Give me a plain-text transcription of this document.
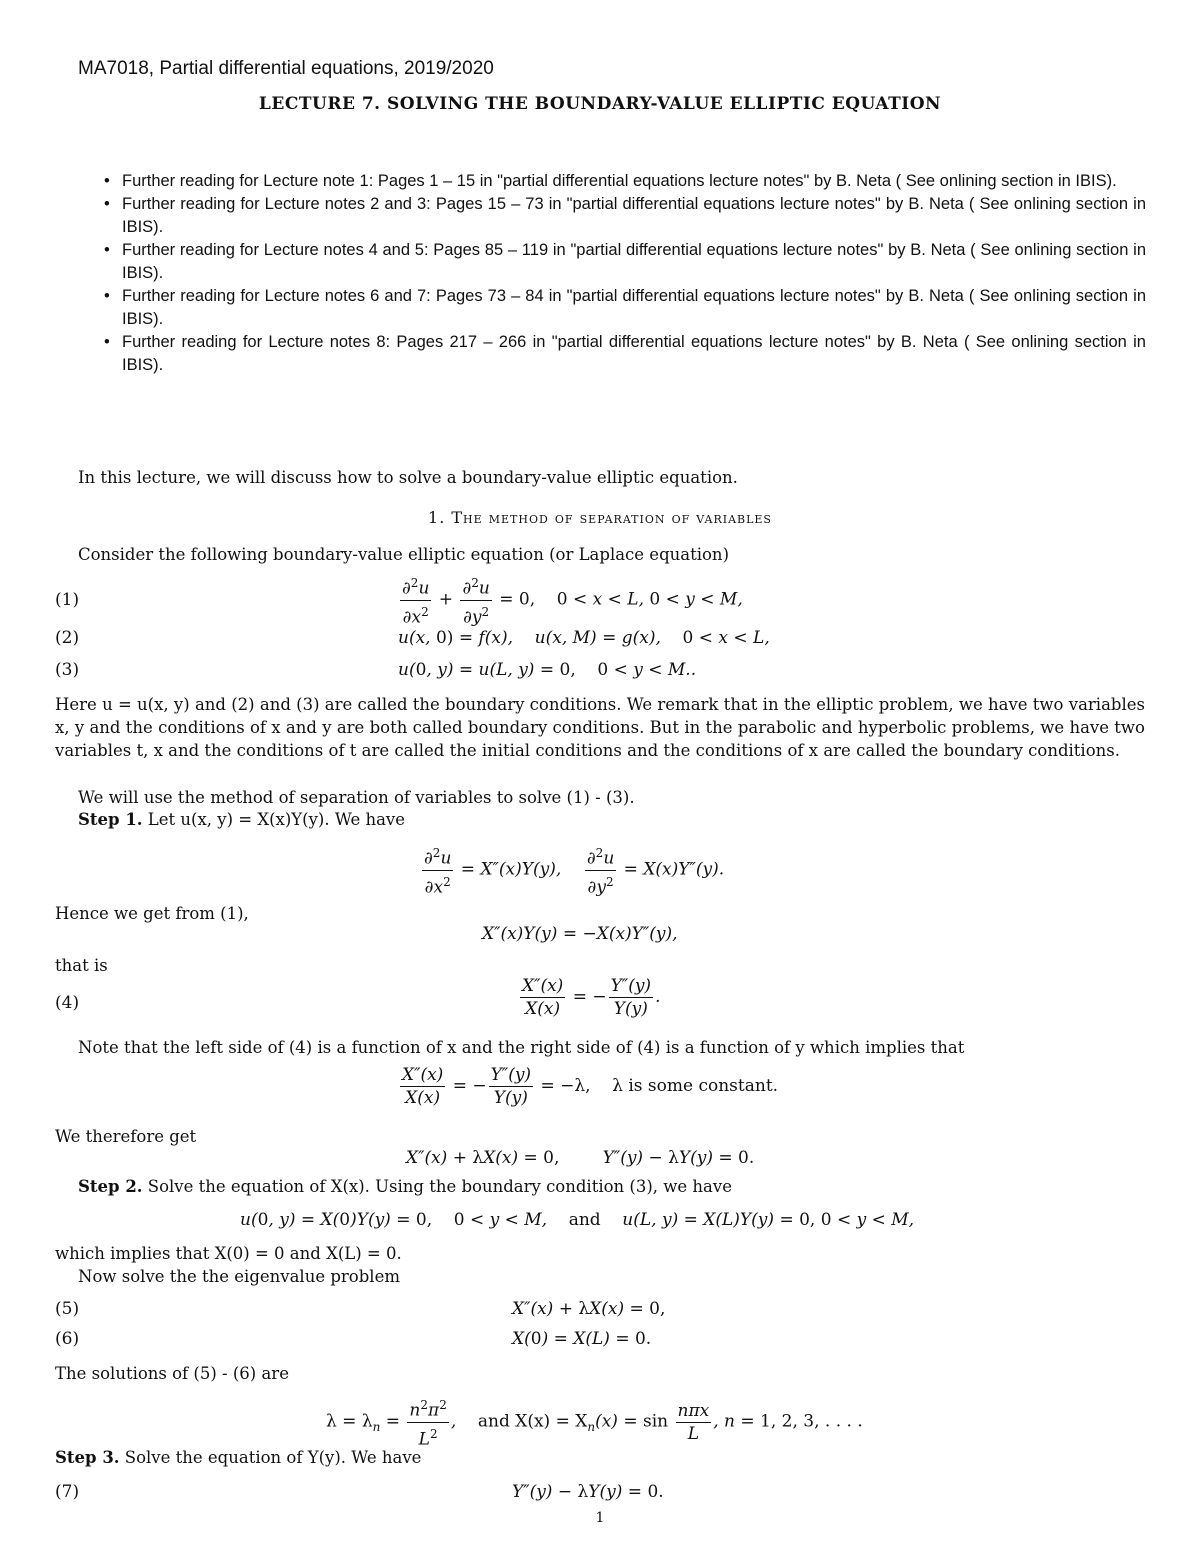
MA7018, Partial differential equations, 2019/2020
LECTURE 7. SOLVING THE BOUNDARY-VALUE ELLIPTIC EQUATION
• Further reading for Lecture note 1: Pages 1 – 15 in "partial differential equations lecture notes" by B. Neta ( See onlining section in IBIS).
• Further reading for Lecture notes 2 and 3: Pages 15 – 73 in "partial differential equations lecture notes" by B. Neta ( See onlining section in IBIS).
• Further reading for Lecture notes 4 and 5: Pages 85 – 119 in "partial differential equations lecture notes" by B. Neta ( See onlining section in IBIS).
• Further reading for Lecture notes 6 and 7: Pages 73 – 84 in "partial differential equations lecture notes" by B. Neta ( See onlining section in IBIS).
• Further reading for Lecture notes 8: Pages 217 – 266 in "partial differential equations lecture notes" by B. Neta ( See onlining section in IBIS).
In this lecture, we will discuss how to solve a boundary-value elliptic equation.
1. The method of separation of variables
Consider the following boundary-value elliptic equation (or Laplace equation)
(1)	$\frac{\partial^2u}{\partial x^2} + \frac{\partial^2u}{\partial y^2} = 0$, 0 < x < L, 0 < y < M,
(2)	u(x, 0) = f(x),    u(x, M) = g(x),    0 < x < L,
(3)	u(0, y) = u(L, y) = 0, 0 < y < M..
Here u = u(x, y) and (2) and (3) are called the boundary conditions. We remark that in the elliptic problem, we have two variables x, y and the conditions of x and y are both called boundary conditions. But in the parabolic and hyperbolic problems, we have two variables t, x and the conditions of t are called the initial conditions and the conditions of x are called the boundary conditions.
We will use the method of separation of variables to solve (1) - (3).
Step 1. Let u(x, y) = X(x)Y(y). We have
$\frac{\partial^2u}{\partial x^2} = X''(x)Y(y)$, $\frac{\partial^2u}{\partial y^2} = X(x)Y''(y)$.
Hence we get from (1),
X″(x)Y(y) = −X(x)Y″(y),
that is
(4)	$\frac{X''(x)}{X(x)}$ = − $\frac{Y''(y)}{Y(y)}$ .
Note that the left side of (4) is a function of x and the right side of (4) is a function of y which implies that
$\frac{X''(x)}{X(x)}$ = − $\frac{Y''(y)}{Y(y)} = -\lambda$, λ is some constant.
We therefore get
X″(x) + λX(x) = 0,        Y″(y) − λY(y) = 0.
Step 2. Solve the equation of X(x). Using the boundary condition (3), we have
u(0, y) = X(0)Y(y) = 0, 0 < y < M,    and    u(L, y) = X(L)Y(y) = 0, 0 < y < M,
which implies that X(0) = 0 and X(L) = 0.
Now solve the the eigenvalue problem
(5)	X″(x) + λX(x) = 0,
(6)	X(0) = X(L) = 0.
The solutions of (5) - (6) are
$\lambda = \lambda_n = \frac{n^2\pi^2}{L^2}$ ,    and $X(x) = X_n(x) = \sin \frac{\text{nπx}}{L}$ , n = 1, 2, 3, . . . .
Step 3. Solve the equation of Y(y). We have
(7)	Y″(y) − λY(y) = 0.
1
